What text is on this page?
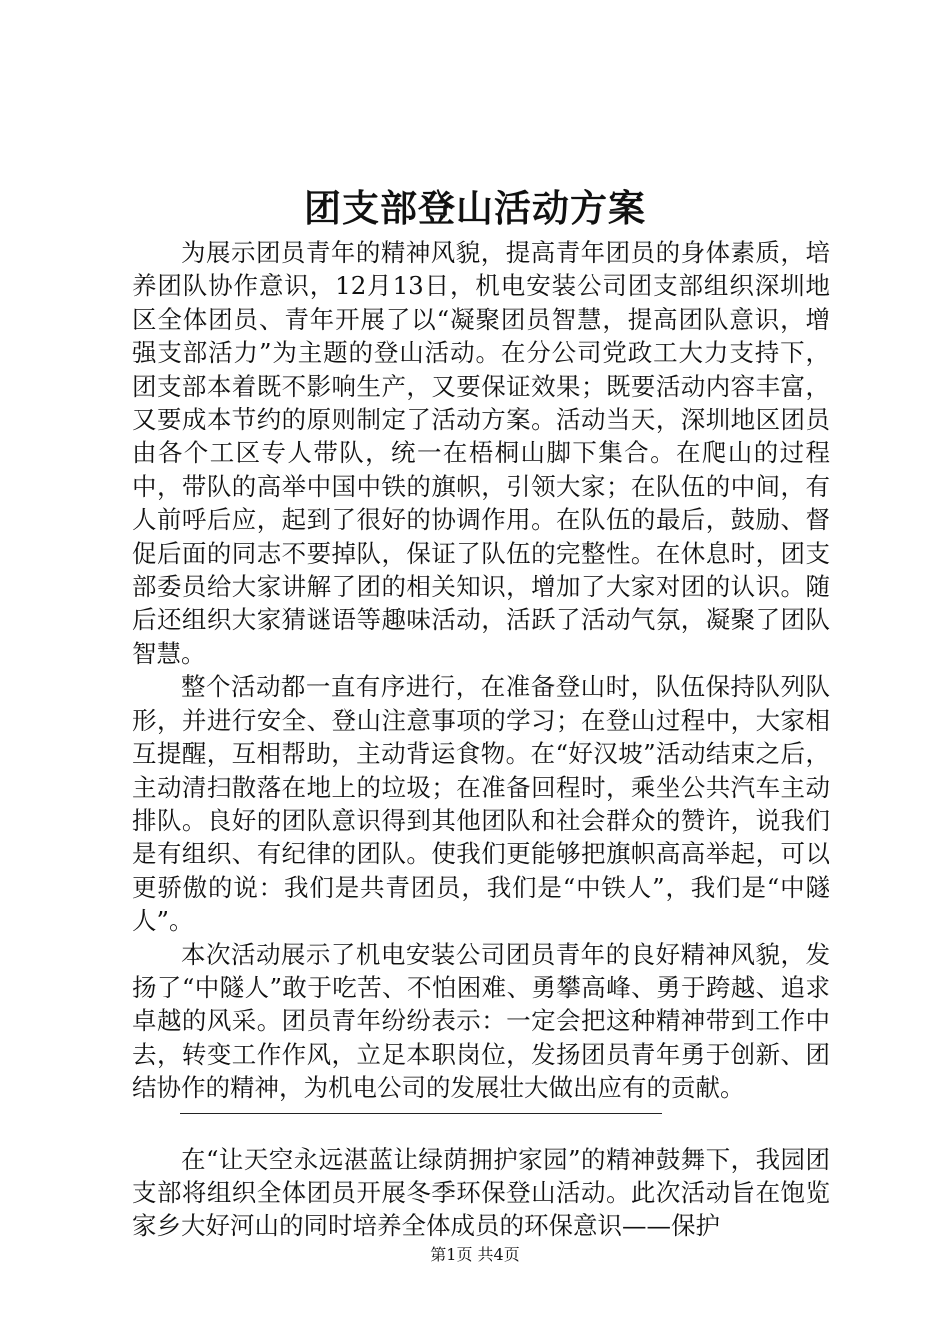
团支部登山活动方案

为展示团员青年的精神风貌，提高青年团员的身体素质，培养团队协作意识，12月13日，机电安装公司团支部组织深圳地区全体团员、青年开展了以“凝聚团员智慧，提高团队意识，增强支部活力”为主题的登山活动。在分公司党政工大力支持下，团支部本着既不影响生产，又要保证效果；既要活动内容丰富，又要成本节约的原则制定了活动方案。活动当天，深圳地区团员由各个工区专人带队，统一在梧桐山脚下集合。在爬山的过程中，带队的高举中国中铁的旗帜，引领大家；在队伍的中间，有人前呼后应，起到了很好的协调作用。在队伍的最后，鼓励、督促后面的同志不要掉队，保证了队伍的完整性。在休息时，团支部委员给大家讲解了团的相关知识，增加了大家对团的认识。随后还组织大家猜谜语等趣味活动，活跃了活动气氛，凝聚了团队智慧。

整个活动都一直有序进行，在准备登山时，队伍保持队列队形，并进行安全、登山注意事项的学习；在登山过程中，大家相互提醒，互相帮助，主动背运食物。在“好汉坡”活动结束之后，主动清扫散落在地上的垃圾；在准备回程时，乘坐公共汽车主动排队。良好的团队意识得到其他团队和社会群众的赞许，说我们是有组织、有纪律的团队。使我们更能够把旗帜高高举起，可以更骄傲的说：我们是共青团员，我们是“中铁人”，我们是“中隧人”。

本次活动展示了机电安装公司团员青年的良好精神风貌，发扬了“中隧人”敢于吃苦、不怕困难、勇攀高峰、勇于跨越、追求卓越的风采。团员青年纷纷表示：一定会把这种精神带到工作中去，转变工作作风，立足本职岗位，发扬团员青年勇于创新、团结协作的精神，为机电公司的发展壮大做出应有的贡献。

在“让天空永远湛蓝让绿荫拥护家园”的精神鼓舞下，我园团支部将组织全体团员开展冬季环保登山活动。此次活动旨在饱览家乡大好河山的同时培养全体成员的环保意识——保护

第1页 共4页
